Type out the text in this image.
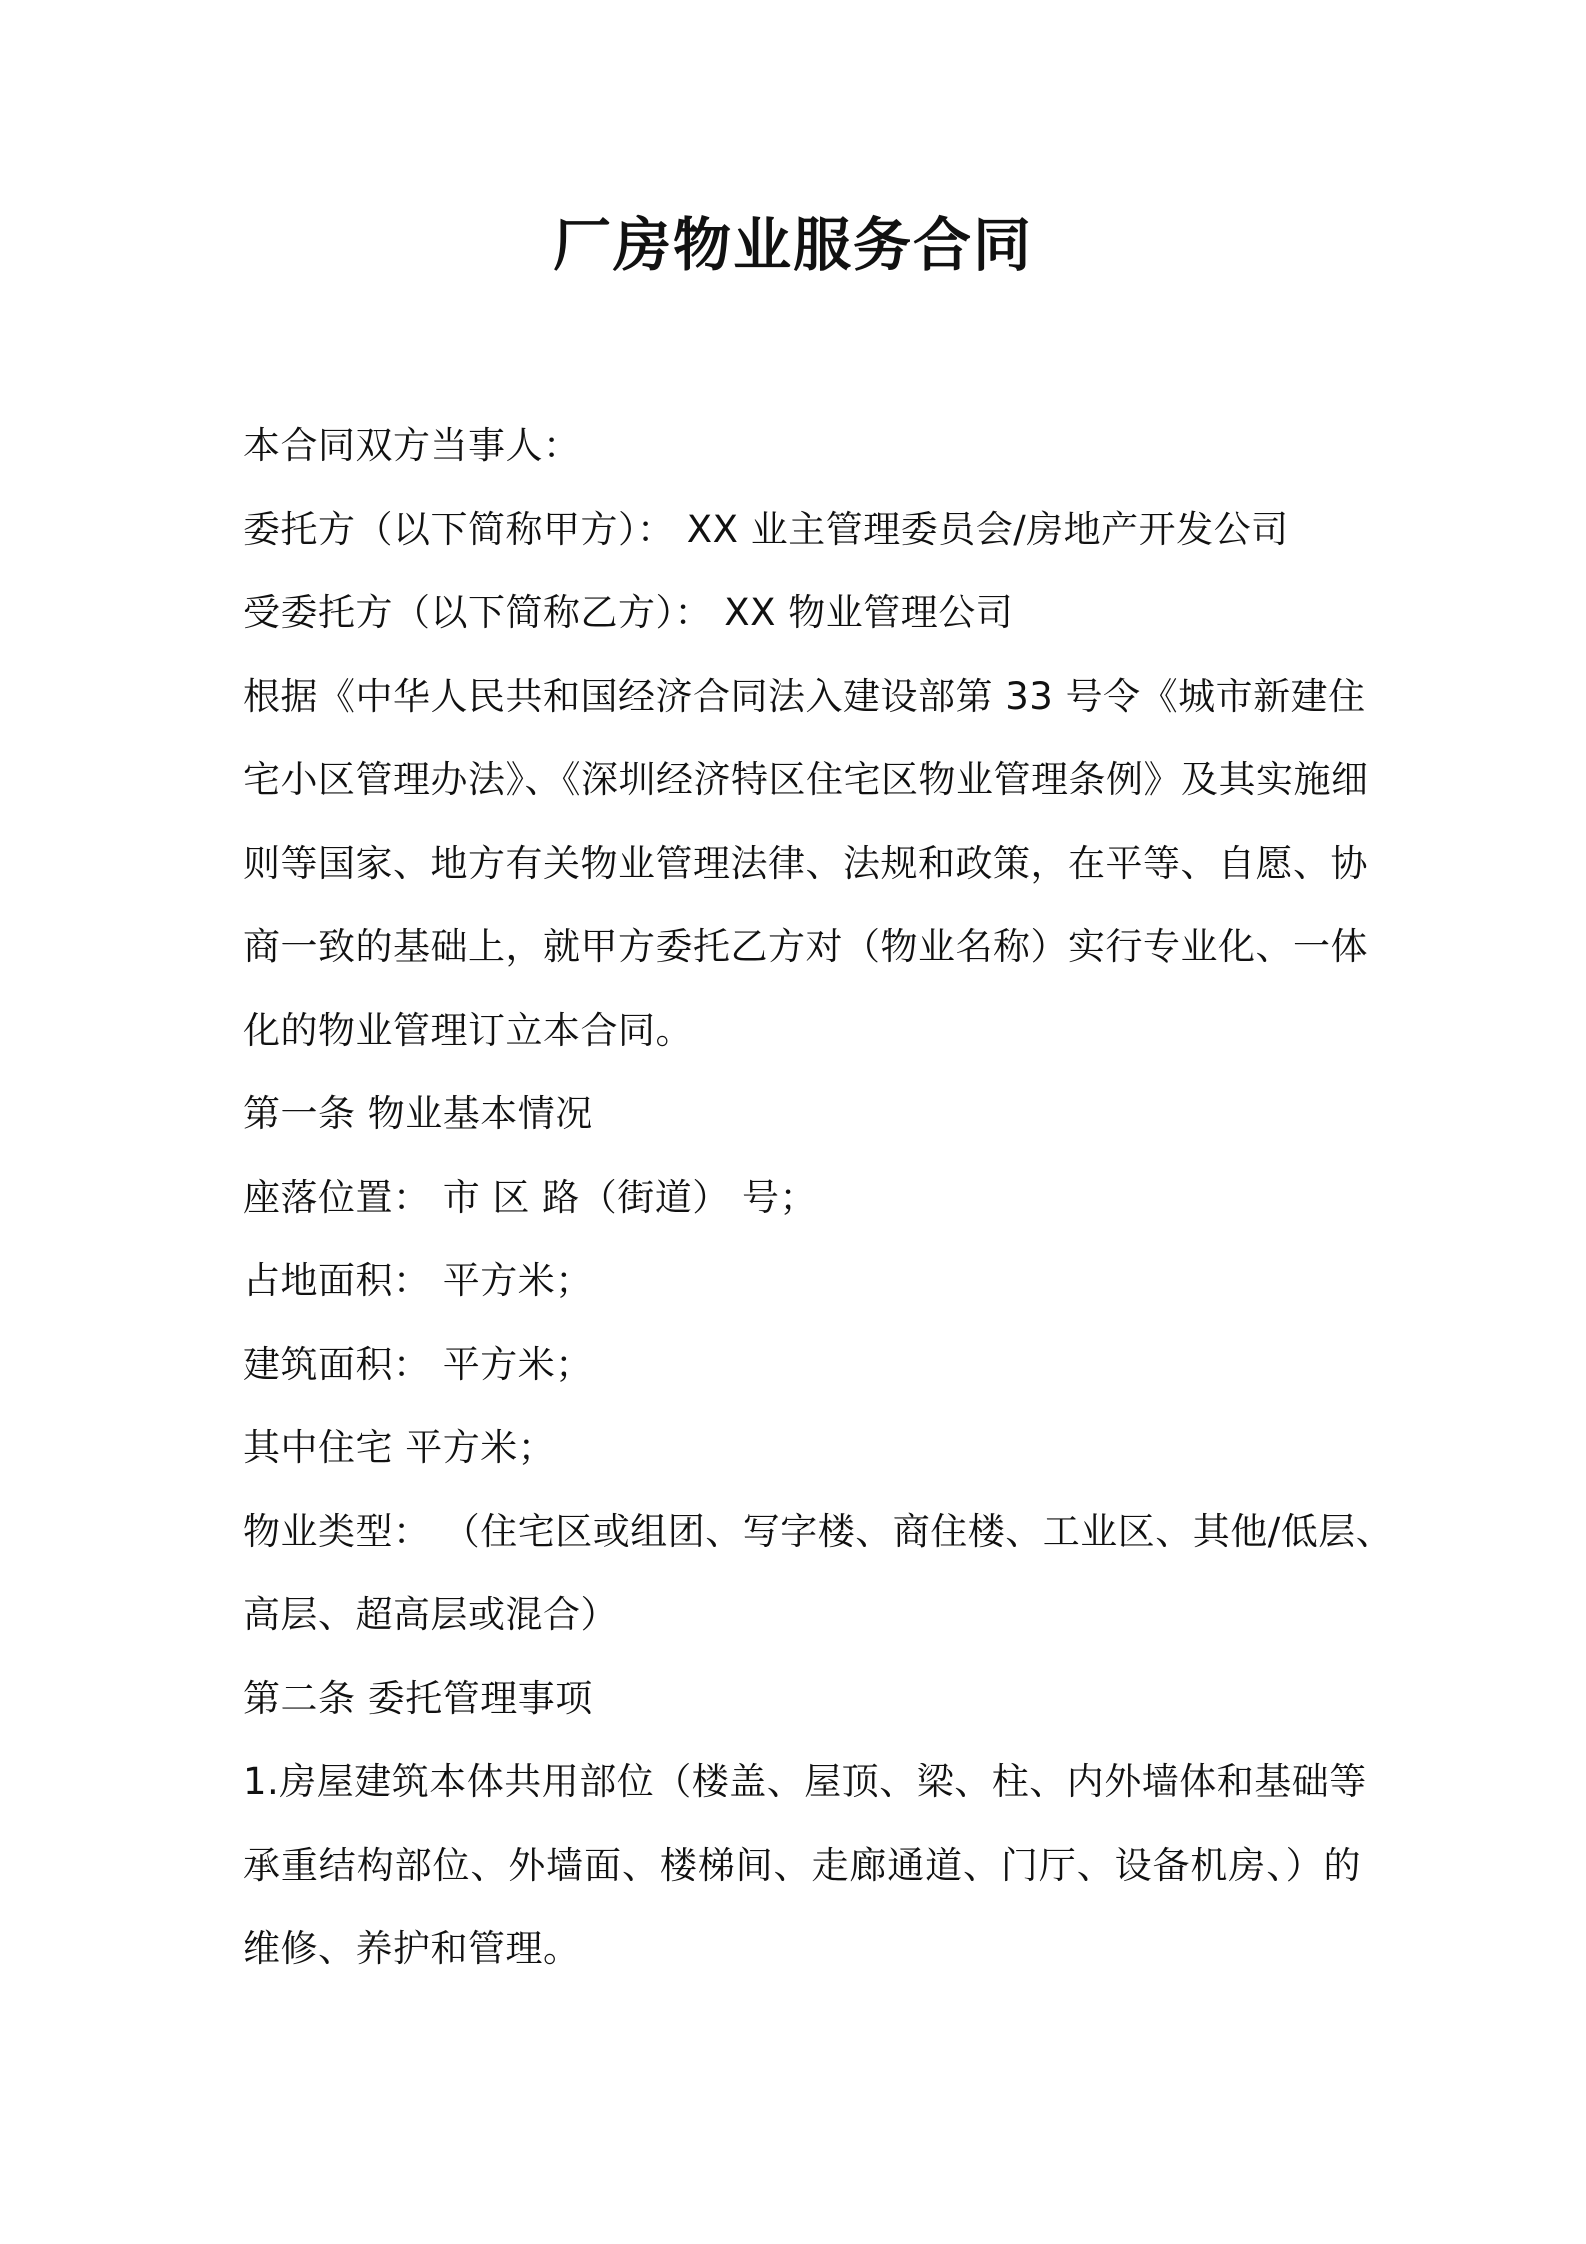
厂房物业服务合同

本合同双方当事人：

委托方（以下简称甲方）： XX 业主管理委员会/房地产开发公司

受委托方（以下简称乙方）： XX 物业管理公司

根据《中华人民共和国经济合同法入建设部第 33 号令《城市新建住

宅小区管理办法》、《深圳经济特区住宅区物业管理条例》及其实施细

则等国家、地方有关物业管理法律、法规和政策，在平等、自愿、协

商一致的基础上，就甲方委托乙方对（物业名称）实行专业化、一体

化的物业管理订立本合同。

第一条 物业基本情况

座落位置： 市 区 路（街道） 号；

占地面积： 平方米；

建筑面积： 平方米；

其中住宅 平方米；

物业类型： （住宅区或组团、写字楼、商住楼、工业区、其他/低层、

高层、超高层或混合）

第二条 委托管理事项

1.房屋建筑本体共用部位（楼盖、屋顶、梁、柱、内外墙体和基础等

承重结构部位、外墙面、楼梯间、走廊通道、门厅、设备机房、）的

维修、养护和管理。
